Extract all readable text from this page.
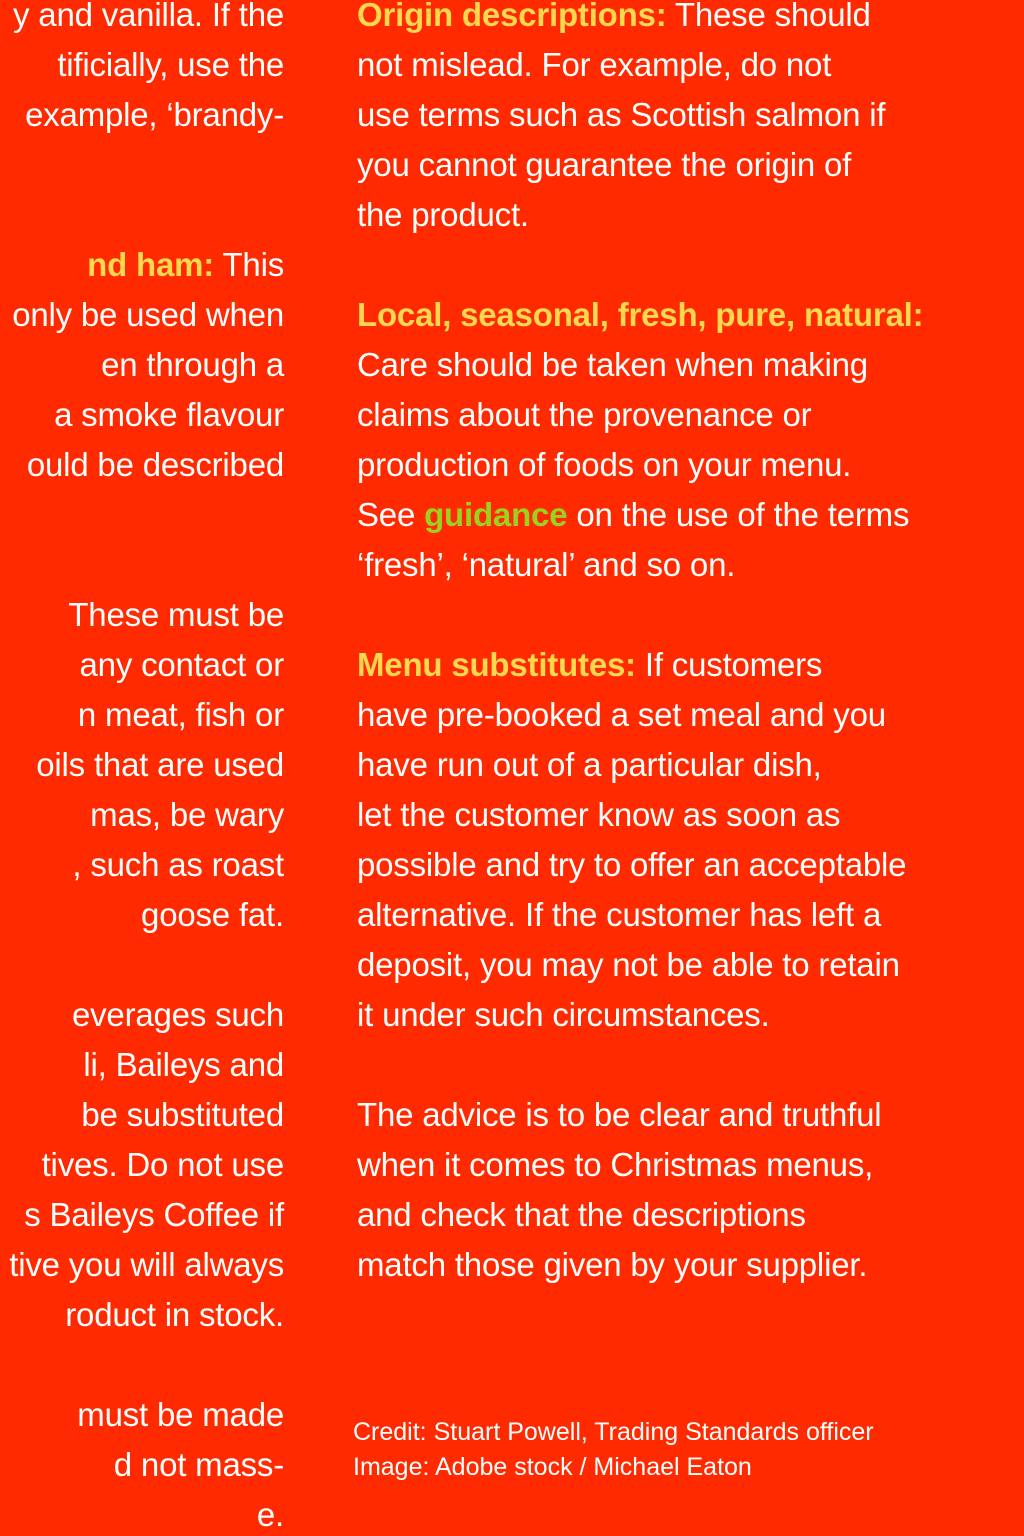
y and vanilla. If the
tificially, use the
example, ‘brandy-
nd ham: This
only be used when
en through a
a smoke flavour
ould be described
These must be
any contact or
n meat, fish or
oils that are used
mas, be wary
, such as roast
goose fat.
everages such
li, Baileys and
be substituted
tives. Do not use
s Baileys Coffee if
tive you will always
roduct in stock.
must be made
d not mass-
e.
Origin descriptions: These should
not mislead. For example, do not
use terms such as Scottish salmon if
you cannot guarantee the origin of
the product.
Local, seasonal, fresh, pure, natural:
Care should be taken when making
claims about the provenance or
production of foods on your menu.
See guidance on the use of the terms
‘fresh’, ‘natural’ and so on.
Menu substitutes: If customers
have pre-booked a set meal and you
have run out of a particular dish,
let the customer know as soon as
possible and try to offer an acceptable
alternative. If the customer has left a
deposit, you may not be able to retain
it under such circumstances.
The advice is to be clear and truthful
when it comes to Christmas menus,
and check that the descriptions
match those given by your supplier.
Credit: Stuart Powell, Trading Standards officer
Image: Adobe stock / Michael Eaton
